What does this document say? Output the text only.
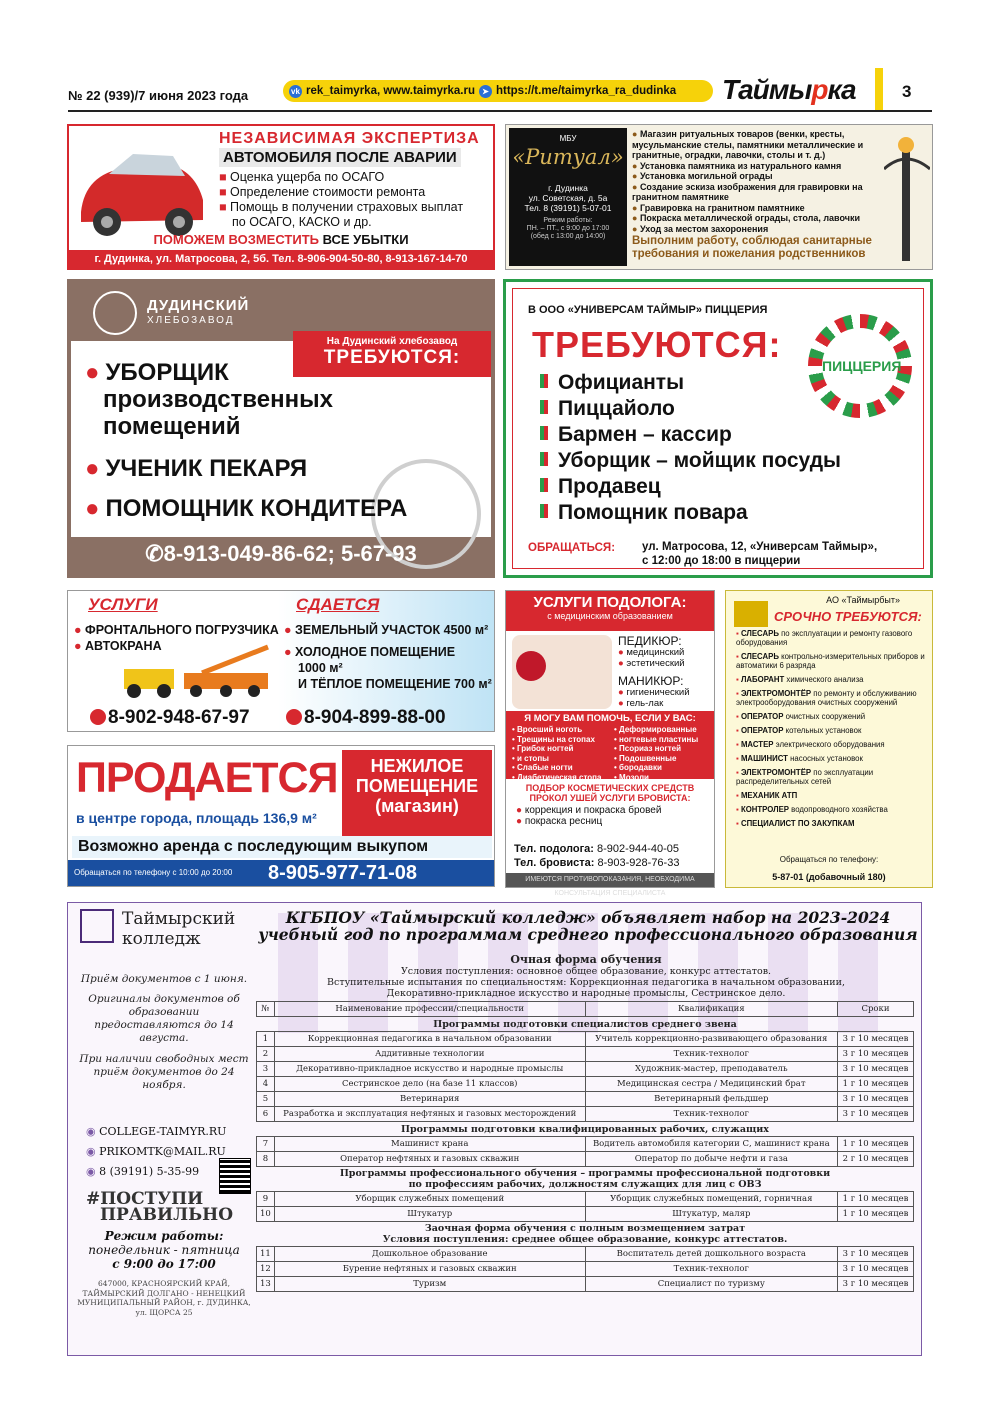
№ 22 (939)/7 июня 2023 года	vk rek_taimyrka, www.taimyrka.ru ➤ https://t.me/taimyrka_ra_dudinka Таймырка	3
НЕЗАВИСИМАЯ ЭКСПЕРТИЗА
АВТОМОБИЛЯ ПОСЛЕ АВАРИИ
■ Оценка ущерба по ОСАГО
■ Определение стоимости ремонта
■ Помощь в получении страховых выплат
по ОСАГО, КАСКО и др.
ПОМОЖЕМ ВОЗМЕСТИТЬ ВСЕ УБЫТКИ
г. Дудинка, ул. Матросова, 2, 5б. Тел. 8-906-904-50-80, 8-913-167-14-70
МБУ
«Ритуал»
г. Дудинка
ул. Советская, д. 5а
Тел. 8 (39191) 5-07-01
Режим работы:
ПН. – ПТ., с 9:00 до 17:00
(обед с 13:00 до 14:00)
● Магазин ритуальных товаров (венки, кресты, мусульманские стелы, памятники металлические и гранитные, оградки, лавочки, столы и т. д.)
● Установка памятника из натурального камня
● Установка могильной ограды
● Создание эскиза изображения для гравировки на гранитном памятнике
● Гравировка на гранитном памятнике
● Покраска металлической ограды, стола, лавочки
● Уход за местом захоронения
Выполним работу, соблюдая санитарные требования и пожелания родственников
ДУДИНСКИЙ
ХЛЕБОЗАВОД
● УБОРЩИК
производственных
помещений
● УЧЕНИК ПЕКАРЯ
● ПОМОЩНИК КОНДИТЕРА
На Дудинский хлебозавод
ТРЕБУЮТСЯ:
✆8-913-049-86-62; 5-67-93
В ООО «УНИВЕРСАМ ТАЙМЫР» ПИЦЦЕРИЯ
ТРЕБУЮТСЯ:
ПИЦЦЕРИЯ
Официанты
Пиццайоло
Бармен – кассир
Уборщик – мойщик посуды
Продавец
Помощник повара
ОБРАЩАТЬСЯ: ул. Матросова, 12, «Универсам Таймыр»,
с 12:00 до 18:00 в пиццерии
УСЛУГИ
● ФРОНТАЛЬНОГО ПОГРУЗЧИКА
● АВТОКРАНА
СДАЕТСЯ
● ЗЕМЕЛЬНЫЙ УЧАСТОК 4500 м²
● ХОЛОДНОЕ ПОМЕЩЕНИЕ
1000 м²
И ТЁПЛОЕ ПОМЕЩЕНИЕ 700 м²
8-902-948-67-97	8-904-899-88-00
ПРОДАЕТСЯ	НЕЖИЛОЕ
ПОМЕЩЕНИЕ
(магазин)
в центре города, площадь 136,9 м²
Возможно аренда с последующим выкупом
Обращаться по телефону с 10:00 до 20:00 8-905-977-71-08
УСЛУГИ ПОДОЛОГА:
с медицинским образованием
ПЕДИКЮР:
● медицинский
● эстетический
МАНИКЮР:
● гигиенический
● гель-лак
Я МОГУ ВАМ ПОМОЧЬ, ЕСЛИ У ВАС:
• Вросший ноготь
• Трещины на стопах
• Грибок ногтей
• и стопы
• Слабые ногти
• Диабетическая стопа
• Деформированные
• ногтевые пластины
• Псориаз ногтей
• Подошвенные
• бородавки
• Мозоли
ПОДБОР КОСМЕТИЧЕСКИХ СРЕДСТВ
ПРОКОЛ УШЕЙ УСЛУГИ БРОВИСТА:
● коррекция и покраска бровей
● покраска ресниц
Тел. подолога: 8-902-944-40-05
Тел. бровиста: 8-903-928-76-33
ИМЕЮТСЯ ПРОТИВОПОКАЗАНИЯ, НЕОБХОДИМА КОНСУЛЬТАЦИЯ СПЕЦИАЛИСТА
АО «Таймырбыт»
СРОЧНО ТРЕБУЮТСЯ:
▪ СЛЕСАРЬ по эксплуатации и ремонту газового оборудования
▪ СЛЕСАРЬ контрольно-измерительных приборов и автоматики 6 разряда
▪ ЛАБОРАНТ химического анализа
▪ ЭЛЕКТРОМОНТЁР по ремонту и обслуживанию электрооборудования очистных сооружений
▪ ОПЕРАТОР очистных сооружений
▪ ОПЕРАТОР котельных установок
▪ МАСТЕР электрического оборудования
▪ МАШИНИСТ насосных установок
▪ ЭЛЕКТРОМОНТЁР по эксплуатации распределительных сетей
▪ МЕХАНИК АТП
▪ КОНТРОЛЕР водопроводного хозяйства
▪ СПЕЦИАЛИСТ ПО ЗАКУПКАМ
Обращаться по телефону:
5-87-01 (добавочный 180)
Таймырский
колледж
КГБПОУ «Таймырский колледж» объявляет набор на 2023-2024
учебный год по программам среднего профессионального образования
Приём документов с 1 июня.
Оригиналы документов об образовании предоставляются до 14 августа.
При наличии свободных мест приём документов до 24 ноября.
◉ COLLEGE-TAIMYR.RU
◉ PRIKOMTK@MAIL.RU
◉ 8 (39191) 5-35-99
#ПОСТУПИ
ПРАВИЛЬНО
Режим работы:
понедельник - пятница
с 9:00 до 17:00
647000, КРАСНОЯРСКИЙ КРАЙ, ТАЙМЫРСКИЙ ДОЛГАНО - НЕНЕЦКИЙ МУНИЦИПАЛЬНЫЙ РАЙОН, г. ДУДИНКА, ул. ЩОРСА 25
Очная форма обучения
Условия поступления: основное общее образование, конкурс аттестатов.
Вступительные испытания по специальностям: Коррекционная педагогика в начальном образовании,
Декоративно-прикладное искусство и народные промыслы, Сестринское дело.
№	Наименование профессии/специальности	Квалификация	Сроки

Программы подготовки специалистов среднего звена			

1	Коррекционная педагогика в начальном образовании	Учитель коррекционно-развивающего образования	3 г 10 месяцев
2	Аддитивные технологии	Техник-технолог	3 г 10 месяцев
3	Декоративно-прикладное искусство и народные промыслы	Художник-мастер, преподаватель	3 г 10 месяцев
4	Сестринское дело (на базе 11 классов)	Медицинская сестра / Медицинский брат	1 г 10 месяцев
5	Ветеринария	Ветеринарный фельдшер	3 г 10 месяцев
6	Разработка и эксплуатация нефтяных и газовых месторождений	Техник-технолог	3 г 10 месяцев

Программы подготовки квалифицированных рабочих, служащих			

7	Машинист крана	Водитель автомобиля категории С, машинист крана	1 г 10 месяцев
8	Оператор нефтяных и газовых скважин	Оператор по добыче нефти и газа	2 г 10 месяцев

Программы профессионального обучения – программы профессиональной подготовки
по профессиям рабочих, должностям служащих для лиц с ОВЗ			

9	Уборщик служебных помещений	Уборщик служебных помещений, горничная	1 г 10 месяцев
10	Штукатур	Штукатур, маляр	1 г 10 месяцев

Заочная форма обучения с полным возмещением затрат
Условия поступления: среднее общее образование, конкурс аттестатов.			

11	Дошкольное образование	Воспитатель детей дошкольного возраста	3 г 10 месяцев
12	Бурение нефтяных и газовых скважин	Техник-технолог	3 г 10 месяцев
13	Туризм	Специалист по туризму	3 г 10 месяцев
